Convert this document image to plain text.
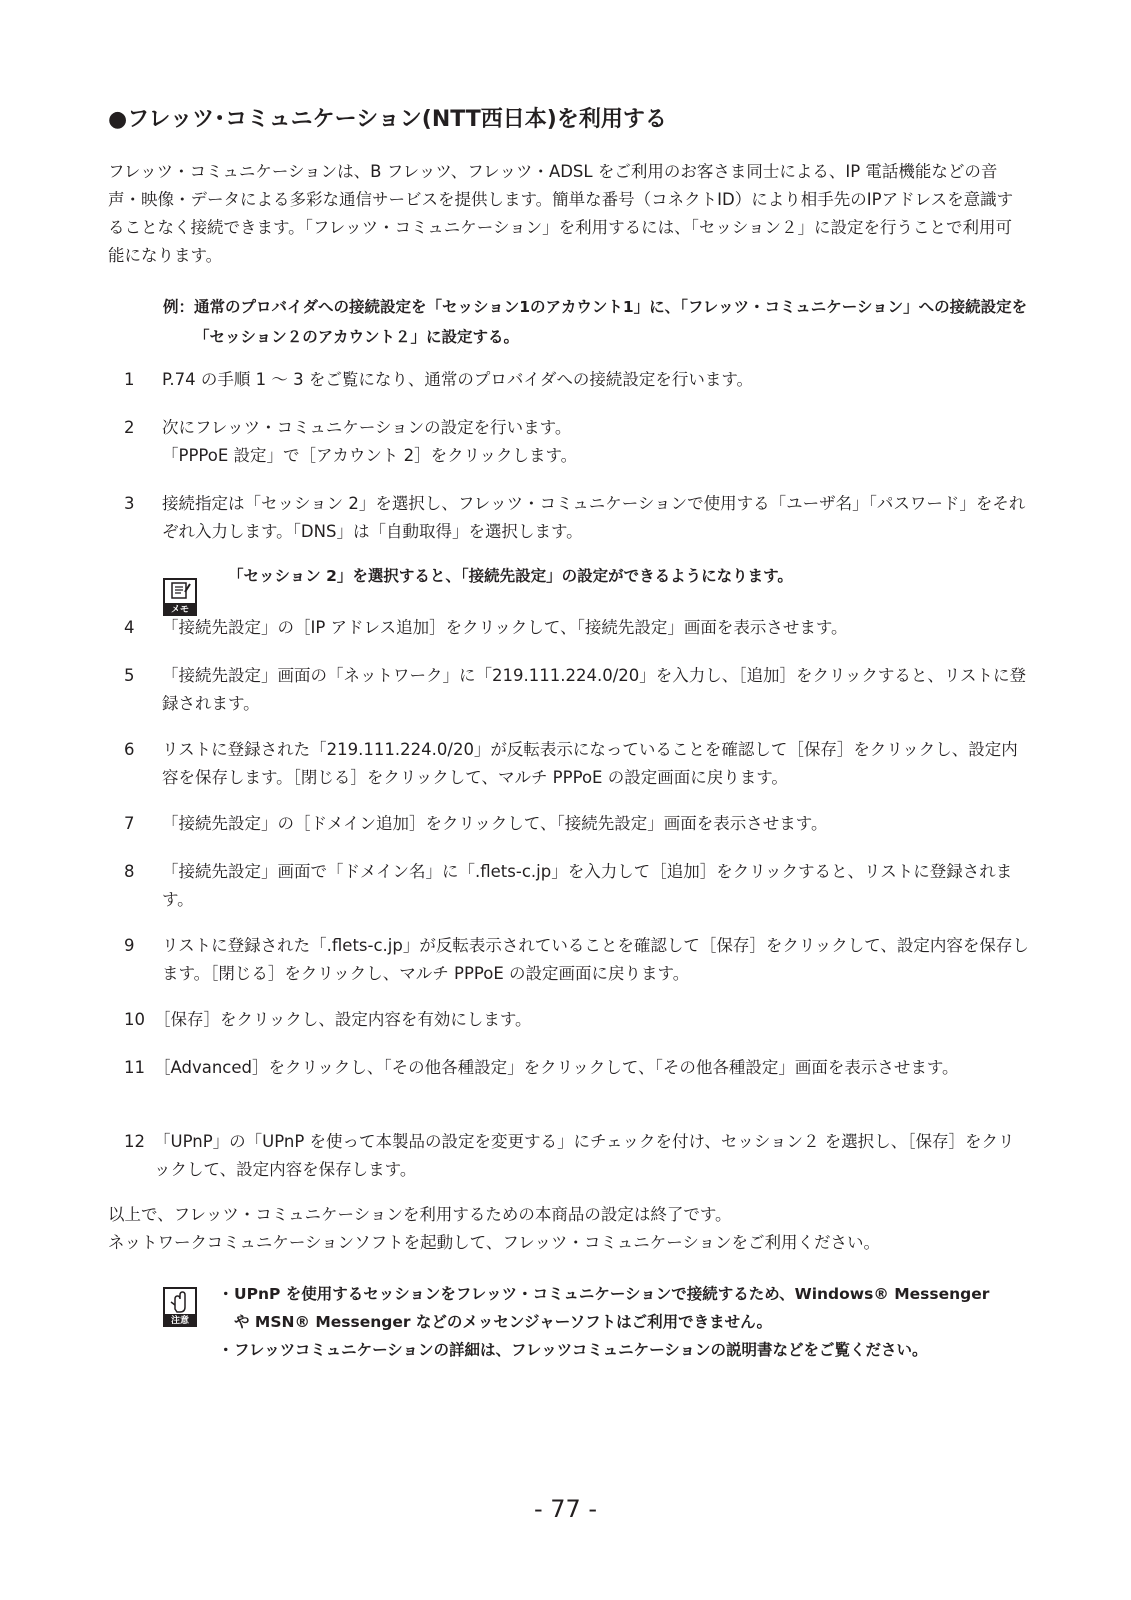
●フレッツ･コミュニケーション(NTT西日本)を利用する
フレッツ・コミュニケーションは、B フレッツ、フレッツ・ADSL をご利用のお客さま同士による、IP 電話機能などの音声・映像・データによる多彩な通信サービスを提供します。簡単な番号（コネクトID）により相手先のIPアドレスを意識することなく接続できます。「フレッツ・コミュニケーション」を利用するには、「セッション２」に設定を行うことで利用可能になります。
例： 通常のプロバイダへの接続設定を「セッション1のアカウント1」に、「フレッツ・コミュニケーション」への接続設定を「セッション２のアカウント２」に設定する。
1	P.74 の手順 1 〜 3 をご覧になり、通常のプロバイダへの接続設定を行います。
2	次にフレッツ・コミュニケーションの設定を行います。
「PPPoE 設定」で［アカウント 2］をクリックします。
3	接続指定は「セッション 2」を選択し、フレッツ・コミュニケーションで使用する「ユーザ名」「パスワード」をそれぞれ入力します。「DNS」は「自動取得」を選択します。
メモ
「セッション 2」を選択すると、「接続先設定」の設定ができるようになります。
4	「接続先設定」の［IP アドレス追加］をクリックして、「接続先設定」画面を表示させます。
5	「接続先設定」画面の「ネットワーク」に「219.111.224.0/20」を入力し、［追加］をクリックすると、リストに登録されます。
6	リストに登録された「219.111.224.0/20」が反転表示になっていることを確認して［保存］をクリックし、設定内容を保存します。［閉じる］をクリックして、マルチ PPPoE の設定画面に戻ります。
7	「接続先設定」の［ドメイン追加］をクリックして、「接続先設定」画面を表示させます。
8	「接続先設定」画面で「ドメイン名」に「.flets-c.jp」を入力して［追加］をクリックすると、リストに登録されます。
9	リストに登録された「.flets-c.jp」が反転表示されていることを確認して［保存］をクリックして、設定内容を保存します。［閉じる］をクリックし、マルチ PPPoE の設定画面に戻ります。
10 ［保存］をクリックし、設定内容を有効にします。
11 ［Advanced］をクリックし、「その他各種設定」をクリックして、「その他各種設定」画面を表示させます。
12 「UPnP」の「UPnP を使って本製品の設定を変更する」にチェックを付け、セッション２ を選択し、［保存］をクリックして、設定内容を保存します。
以上で、フレッツ・コミュニケーションを利用するための本商品の設定は終了です。
ネットワークコミュニケーションソフトを起動して、フレッツ・コミュニケーションをご利用ください。
注意
・ UPnP を使用するセッションをフレッツ・コミュニケーションで接続するため、Windows® Messenger や MSN® Messenger などのメッセンジャーソフトはご利用できません。
・ フレッツコミュニケーションの詳細は、フレッツコミュニケーションの説明書などをご覧ください。
- 77 -
